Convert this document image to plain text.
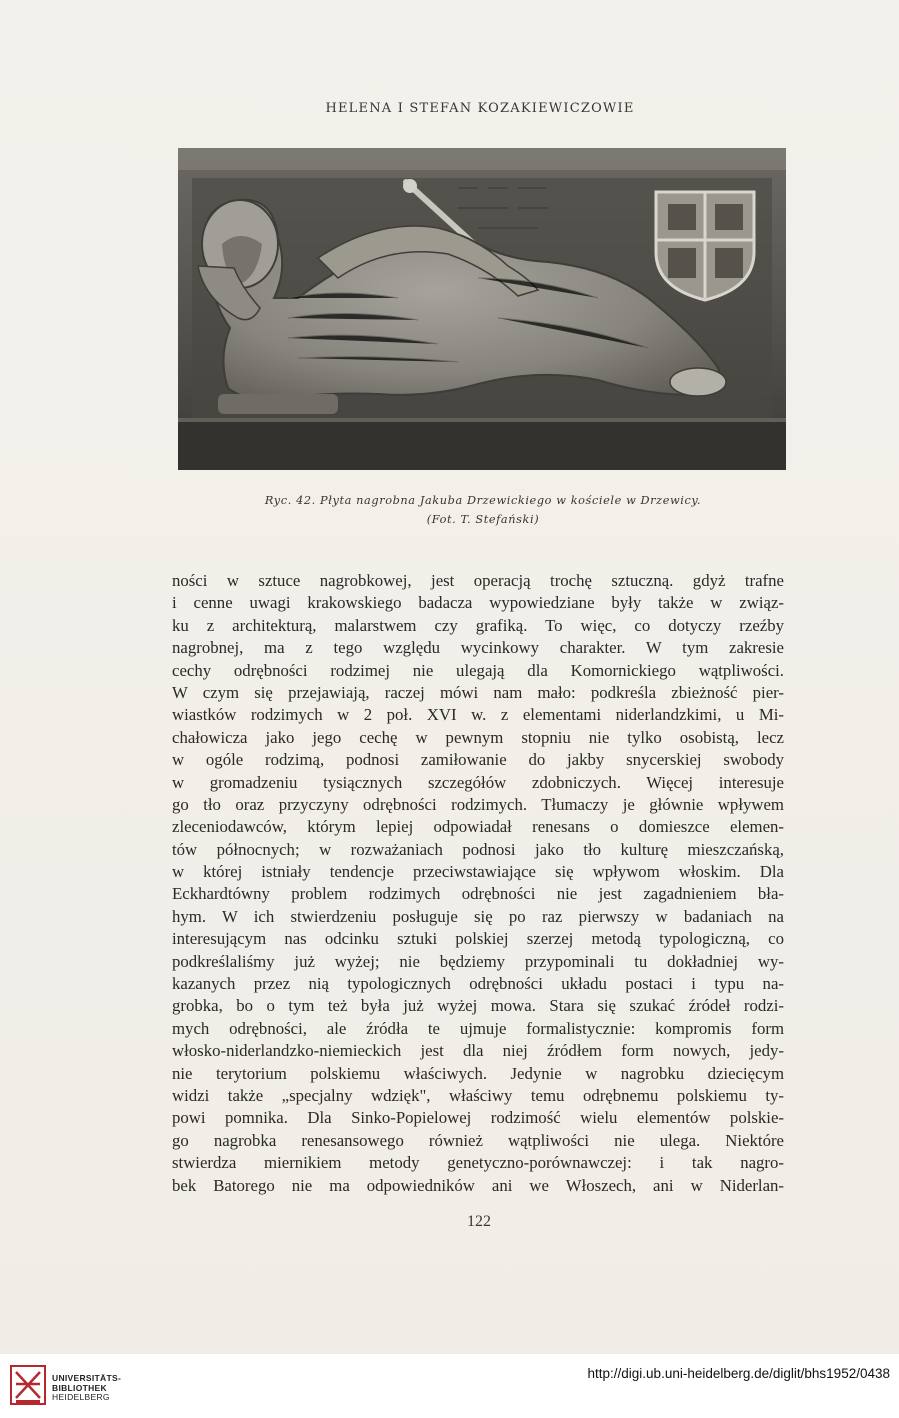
HELENA I STEFAN KOZAKIEWICZOWIE
Ryc. 42. Płyta nagrobna Jakuba Drzewickiego w kościele w Drzewicy.
(Fot. T. Stefański)
ności w sztuce nagrobkowej, jest operacją trochę sztuczną. gdyż trafne
i cenne uwagi krakowskiego badacza wypowiedziane były także w związ-
ku z architekturą, malarstwem czy grafiką. To więc, co dotyczy rzeźby
nagrobnej, ma z tego względu wycinkowy charakter. W tym zakresie
cechy odrębności rodzimej nie ulegają dla Komornickiego wątpliwości.
W czym się przejawiają, raczej mówi nam mało: podkreśla zbieżność pier-
wiastków rodzimych w 2 poł. XVI w. z elementami niderlandzkimi, u Mi-
chałowicza jako jego cechę w pewnym stopniu nie tylko osobistą, lecz
w ogóle rodzimą, podnosi zamiłowanie do jakby snycerskiej swobody
w gromadzeniu tysiącznych szczegółów zdobniczych. Więcej interesuje
go tło oraz przyczyny odrębności rodzimych. Tłumaczy je głównie wpływem
zleceniodawców, którym lepiej odpowiadał renesans o domieszce elemen-
tów północnych; w rozważaniach podnosi jako tło kulturę mieszczańską,
w której istniały tendencje przeciwstawiające się wpływom włoskim. Dla
Eckhardtówny problem rodzimych odrębności nie jest zagadnieniem bła-
hym. W ich stwierdzeniu posługuje się po raz pierwszy w badaniach na
interesującym nas odcinku sztuki polskiej szerzej metodą typologiczną, co
podkreślaliśmy już wyżej; nie będziemy przypominali tu dokładniej wy-
kazanych przez nią typologicznych odrębności układu postaci i typu na-
grobka, bo o tym też była już wyżej mowa. Stara się szukać źródeł rodzi-
mych odrębności, ale źródła te ujmuje formalistycznie: kompromis form
włosko-niderlandzko-niemieckich jest dla niej źródłem form nowych, jedy-
nie terytorium polskiemu właściwych. Jedynie w nagrobku dziecięcym
widzi także „specjalny wdzięk", właściwy temu odrębnemu polskiemu ty-
powi pomnika. Dla Sinko-Popielowej rodzimość wielu elementów polskie-
go nagrobka renesansowego również wątpliwości nie ulega. Niektóre
stwierdza miernikiem metody genetyczno-porównawczej: i tak nagro-
bek Batorego nie ma odpowiedników ani we Włoszech, ani w Niderlan-
122
UNIVERSITÄTS-
BIBLIOTHEK
HEIDELBERG
http://digi.ub.uni-heidelberg.de/diglit/bhs1952/0438
